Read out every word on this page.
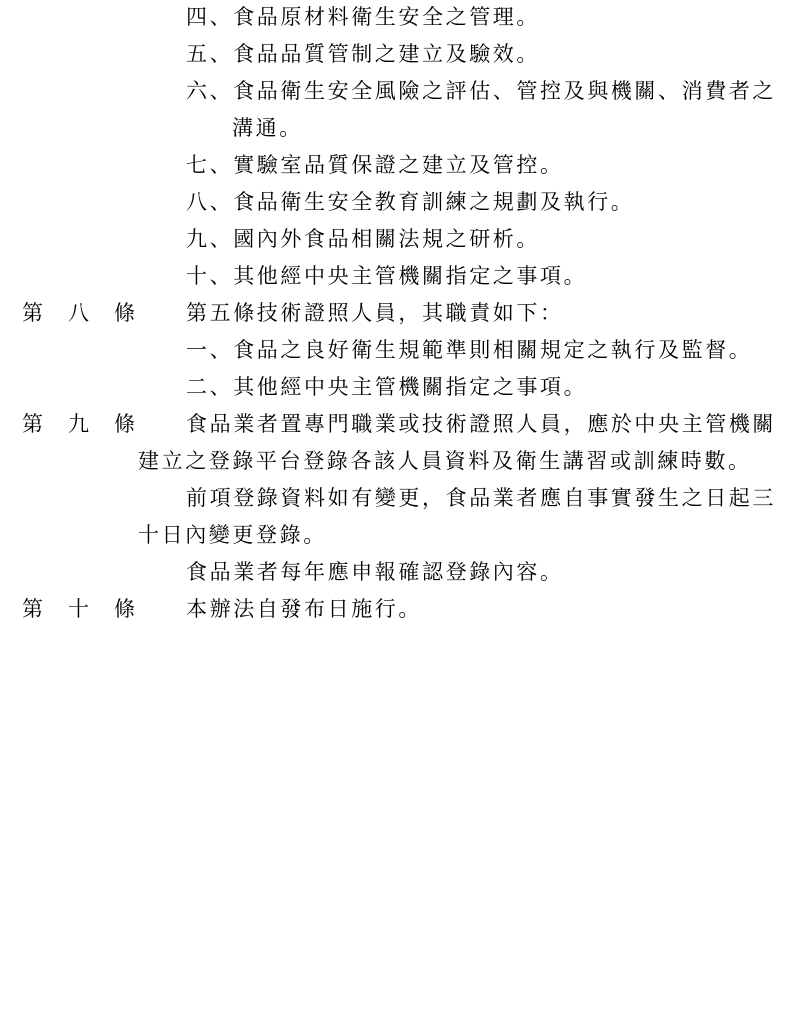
四、食品原材料衛生安全之管理。

五、食品品質管制之建立及驗效。

六、食品衛生安全風險之評估、管控及與機關、消費者之

溝通。

七、實驗室品質保證之建立及管控。

八、食品衛生安全教育訓練之規劃及執行。

九、國內外食品相關法規之研析。

十、其他經中央主管機關指定之事項。

第 八 條	第五條技術證照人員，其職責如下：

一、食品之良好衛生規範準則相關規定之執行及監督。

二、其他經中央主管機關指定之事項。

第 九 條	食品業者置專門職業或技術證照人員，應於中央主管機關

建立之登錄平台登錄各該人員資料及衛生講習或訓練時數。

前項登錄資料如有變更，食品業者應自事實發生之日起三

十日內變更登錄。

食品業者每年應申報確認登錄內容。

第 十 條	本辦法自發布日施行。
